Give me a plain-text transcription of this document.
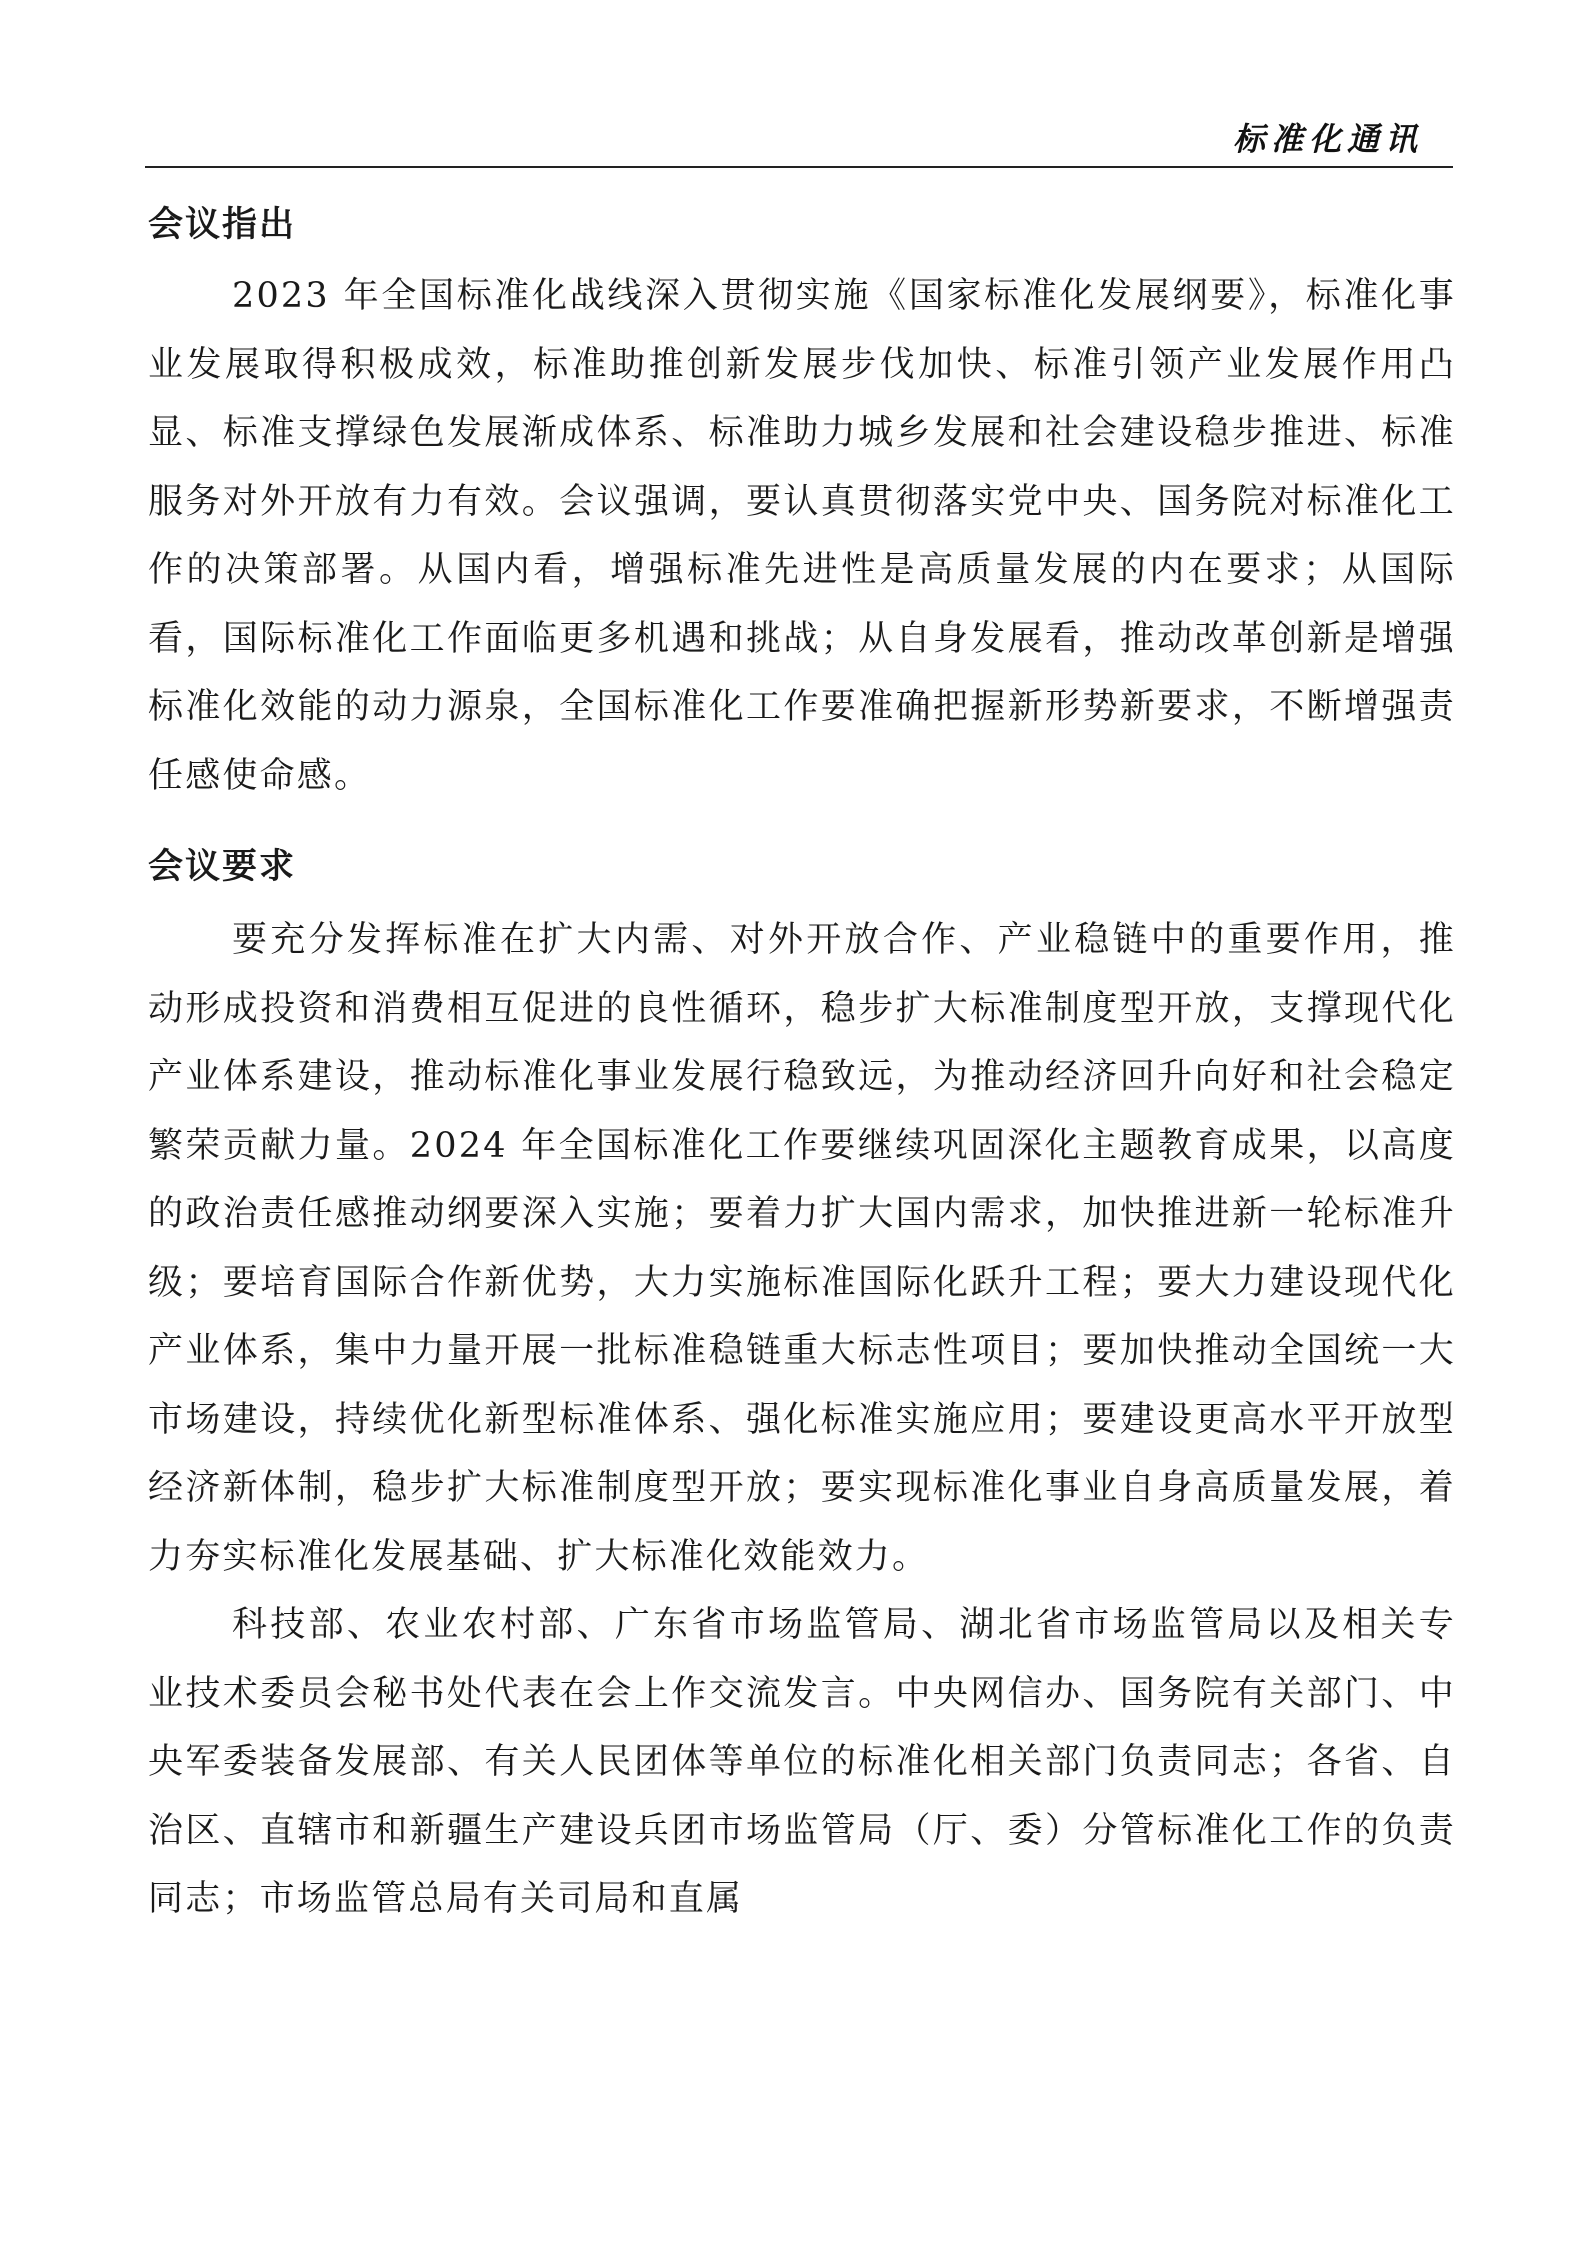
标准化通讯
会议指出

2023 年全国标准化战线深入贯彻实施《国家标准化发展纲要》，标准化事业发展取得积极成效，标准助推创新发展步伐加快、标准引领产业发展作用凸显、标准支撑绿色发展渐成体系、标准助力城乡发展和社会建设稳步推进、标准服务对外开放有力有效。会议强调，要认真贯彻落实党中央、国务院对标准化工作的决策部署。从国内看，增强标准先进性是高质量发展的内在要求；从国际看，国际标准化工作面临更多机遇和挑战；从自身发展看，推动改革创新是增强标准化效能的动力源泉，全国标准化工作要准确把握新形势新要求，不断增强责任感使命感。

会议要求

要充分发挥标准在扩大内需、对外开放合作、产业稳链中的重要作用，推动形成投资和消费相互促进的良性循环，稳步扩大标准制度型开放，支撑现代化产业体系建设，推动标准化事业发展行稳致远，为推动经济回升向好和社会稳定繁荣贡献力量。2024 年全国标准化工作要继续巩固深化主题教育成果，以高度的政治责任感推动纲要深入实施；要着力扩大国内需求，加快推进新一轮标准升级；要培育国际合作新优势，大力实施标准国际化跃升工程；要大力建设现代化产业体系，集中力量开展一批标准稳链重大标志性项目；要加快推动全国统一大市场建设，持续优化新型标准体系、强化标准实施应用；要建设更高水平开放型经济新体制，稳步扩大标准制度型开放；要实现标准化事业自身高质量发展，着力夯实标准化发展基础、扩大标准化效能效力。

科技部、农业农村部、广东省市场监管局、湖北省市场监管局以及相关专业技术委员会秘书处代表在会上作交流发言。中央网信办、国务院有关部门、中央军委装备发展部、有关人民团体等单位的标准化相关部门负责同志；各省、自治区、直辖市和新疆生产建设兵团市场监管局（厅、委）分管标准化工作的负责同志；市场监管总局有关司局和直属
